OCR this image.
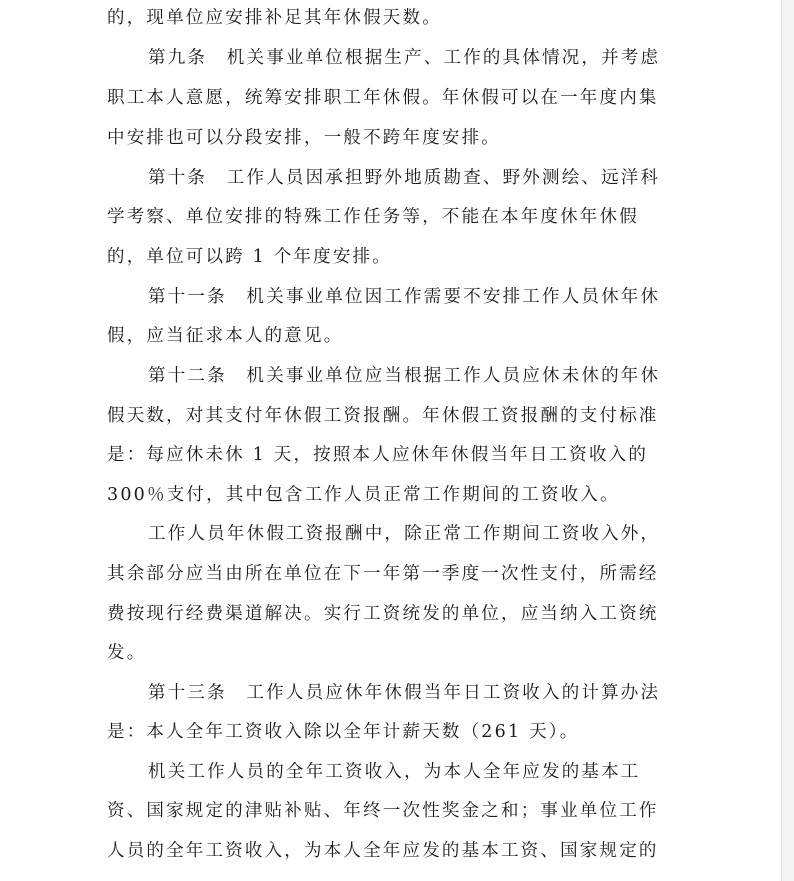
的，现单位应安排补足其年休假天数。
第九条　机关事业单位根据生产、工作的具体情况，并考虑
职工本人意愿，统筹安排职工年休假。年休假可以在一年度内集
中安排也可以分段安排，一般不跨年度安排。
第十条　工作人员因承担野外地质勘查、野外测绘、远洋科
学考察、单位安排的特殊工作任务等，不能在本年度休年休假
的，单位可以跨 1 个年度安排。
第十一条　机关事业单位因工作需要不安排工作人员休年休
假，应当征求本人的意见。
第十二条　机关事业单位应当根据工作人员应休未休的年休
假天数，对其支付年休假工资报酬。年休假工资报酬的支付标准
是：每应休未休 1 天，按照本人应休年休假当年日工资收入的
300％支付，其中包含工作人员正常工作期间的工资收入。
工作人员年休假工资报酬中，除正常工作期间工资收入外，
其余部分应当由所在单位在下一年第一季度一次性支付，所需经
费按现行经费渠道解决。实行工资统发的单位，应当纳入工资统
发。
第十三条　工作人员应休年休假当年日工资收入的计算办法
是：本人全年工资收入除以全年计薪天数（261 天）。
机关工作人员的全年工资收入，为本人全年应发的基本工
资、国家规定的津贴补贴、年终一次性奖金之和；事业单位工作
人员的全年工资收入，为本人全年应发的基本工资、国家规定的
